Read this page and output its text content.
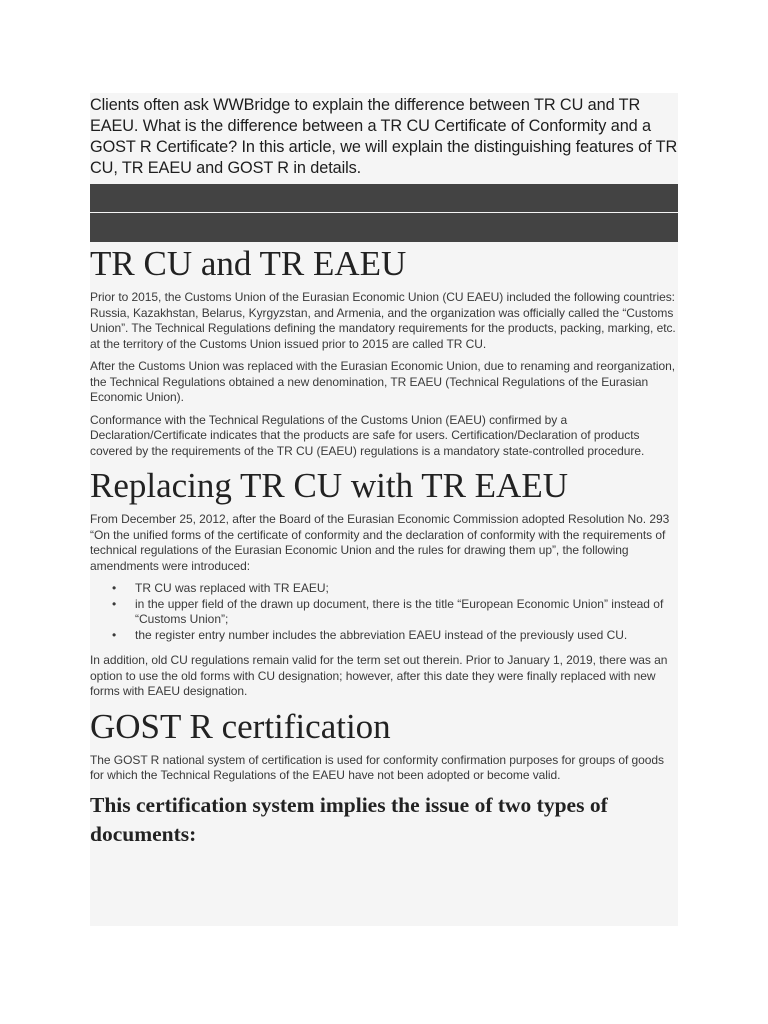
Clients often ask WWBridge to explain the difference between TR CU and TR EAEU. What is the difference between a TR CU Certificate of Conformity and a GOST R Certificate? In this article, we will explain the distinguishing features of TR CU, TR EAEU and GOST R in details.

TR CU and TR EAEU

Prior to 2015, the Customs Union of the Eurasian Economic Union (CU EAEU) included the following countries: Russia, Kazakhstan, Belarus, Kyrgyzstan, and Armenia, and the organization was officially called the “Customs Union”. The Technical Regulations defining the mandatory requirements for the products, packing, marking, etc. at the territory of the Customs Union issued prior to 2015 are called TR CU.

After the Customs Union was replaced with the Eurasian Economic Union, due to renaming and reorganization, the Technical Regulations obtained a new denomination, TR EAEU (Technical Regulations of the Eurasian Economic Union).

Conformance with the Technical Regulations of the Customs Union (EAEU) confirmed by a Declaration/Certificate indicates that the products are safe for users. Certification/Declaration of products covered by the requirements of the TR CU (EAEU) regulations is a mandatory state-controlled procedure.

Replacing TR CU with TR EAEU

From December 25, 2012, after the Board of the Eurasian Economic Commission adopted Resolution No. 293 “On the unified forms of the certificate of conformity and the declaration of conformity with the requirements of technical regulations of the Eurasian Economic Union and the rules for drawing them up”, the following amendments were introduced:

• TR CU was replaced with TR EAEU;
• in the upper field of the drawn up document, there is the title “European Economic Union” instead of “Customs Union”;
• the register entry number includes the abbreviation EAEU instead of the previously used CU.

In addition, old CU regulations remain valid for the term set out therein. Prior to January 1, 2019, there was an option to use the old forms with CU designation; however, after this date they were finally replaced with new forms with EAEU designation.

GOST R certification

The GOST R national system of certification is used for conformity confirmation purposes for groups of goods for which the Technical Regulations of the EAEU have not been adopted or become valid.

This certification system implies the issue of two types of documents:
